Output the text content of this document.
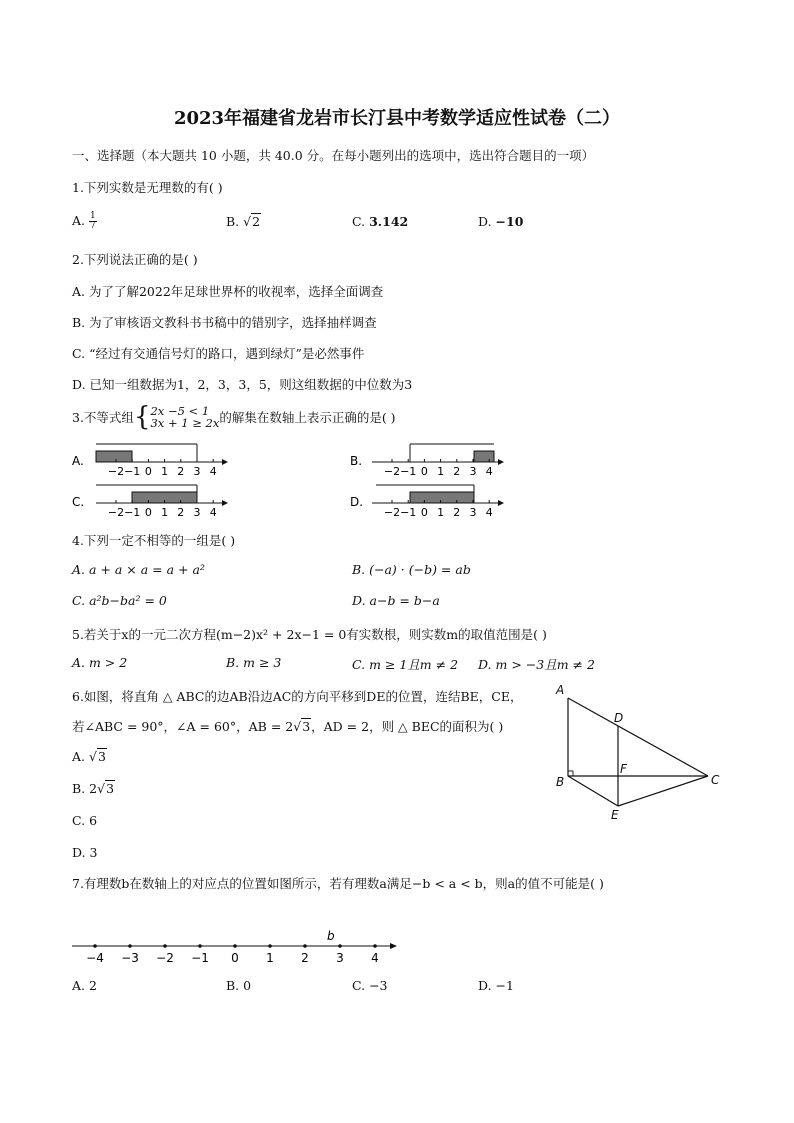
2023年福建省龙岩市长汀县中考数学适应性试卷（二）
一、选择题（本大题共 10 小题，共 40.0 分。在每小题列出的选项中，选出符合题目的一项）
1.下列实数是无理数的有( )
A. $\frac{1}{7}$	B. √2	C. 3.142	D. −10
2.下列说法正确的是( )
A. 为了了解2022年足球世界杯的收视率，选择全面调查
B. 为了审核语文教科书书稿中的错别字，选择抽样调查
C. “经过有交通信号灯的路口，遇到绿灯”是必然事件
D. 已知一组数据为1，2，3，3，5，则这组数据的中位数为3
3.不等式组{ 2x −5 < 1
3x + 1 ≥ 2x 的解集在数轴上表示正确的是( )
A.	B.
C.	D.
−2 −1 0 1 2 3 4	−2 −1 0 1 2 3 4
−2 −1 0 1 2 3 4	−2 −1 0 1 2 3 4
4.下列一定不相等的一组是( )
A. a + a × a = a + a²	B. (−a) · (−b) = ab
C. a²b−ba² = 0	D. a−b = b−a
5.若关于x的一元二次方程(m−2)x² + 2x−1 = 0有实数根，则实数m的取值范围是( )
A. m > 2	B. m ≥ 3	C. m ≥ 1且m ≠ 2 D. m > −3且m ≠ 2
6.如图，将直角 △ ABC的边AB沿边AC的方向平移到DE的位置，连结BE，CE，
若∠ABC = 90°，∠A = 60°，AB = 2√3，AD = 2，则 △ BEC的面积为( )
A. √3
B. 2√3
C. 6
D. 3
A
D
F
B	C
E
7.有理数b在数轴上的对应点的位置如图所示，若有理数a满足−b < a < b，则a的值不可能是( )
−4 −3 −2 −1 0 1 2 3 4
b
A. 2	B. 0	C. −3	D. −1
